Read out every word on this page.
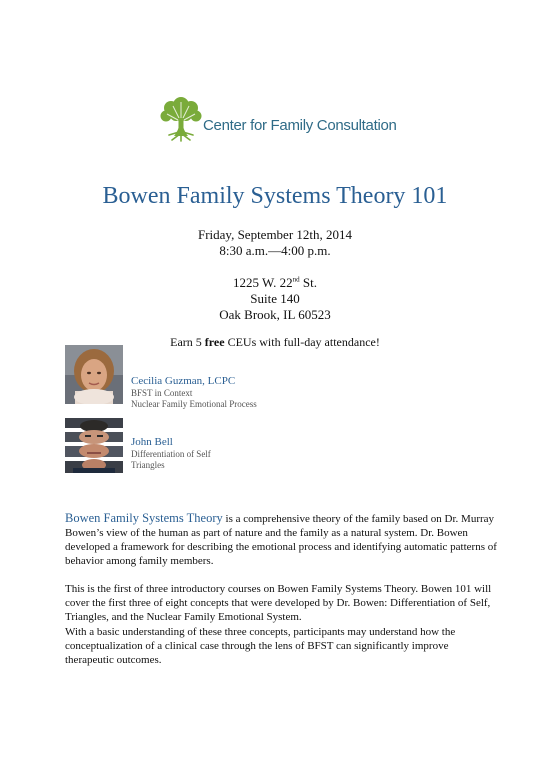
Center for Family Consultation
Bowen Family Systems Theory 101
Friday, September 12th, 2014
8:30 a.m.—4:00 p.m.
1225 W. 22nd St.
Suite 140
Oak Brook, IL 60523
Earn 5 free CEUs with full-day attendance!
Cecilia Guzman, LCPC
BFST in Context
Nuclear Family Emotional Process
John Bell
Differentiation of Self
Triangles
Bowen Family Systems Theory is a comprehensive theory of the family based on Dr. Murray Bowen’s view of the human as part of nature and the family as a natural system. Dr. Bowen developed a framework for describing the emotional process and identifying automatic patterns of behavior among family members.
This is the first of three introductory courses on Bowen Family Systems Theory. Bowen 101 will cover the first three of eight concepts that were developed by Dr. Bowen: Differentiation of Self, Triangles, and the Nuclear Family Emotional System.
With a basic understanding of these three concepts, participants may understand how the conceptualization of a clinical case through the lens of BFST can significantly improve therapeutic outcomes.
